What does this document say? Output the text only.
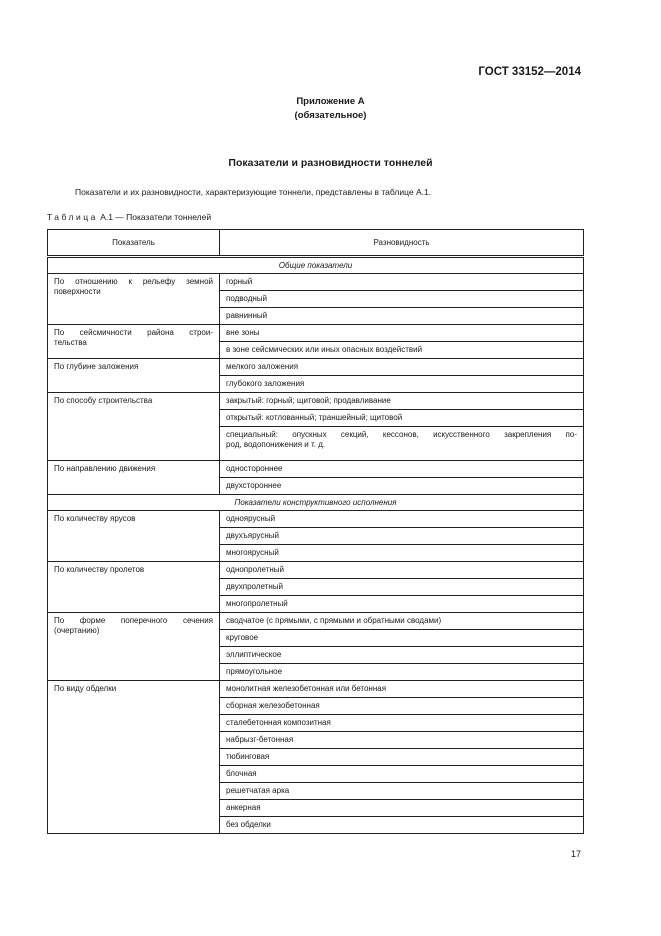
ГОСТ 33152—2014
Приложение А
(обязательное)
Показатели и разновидности тоннелей
Показатели и их разновидности, характеризующие тоннели, представлены в таблице А.1.
Таблица А.1 — Показатели тоннелей
Показатель	Разновидность
Общие показатели	
По отношению к рельефу земной
поверхности	горный
	подводный
	равнинный
По сейсмичности района строи-
тельства	вне зоны
	в зоне сейсмических или иных опасных воздействий
По глубине заложения	мелкого заложения
	глубокого заложения
По способу строительства	закрытый: горный; щитовой; продавливание
	открытый: котлованный; траншейный; щитовой
	специальный: опускных секций, кессонов, искусственного закрепления по-
род, водопонижения и т. д.

По направлению движения	одностороннее
	двухстороннее
Показатели конструктивного исполнения	
По количеству ярусов	одноярусный
	двухъярусный
	многоярусный
По количеству пролетов	однопролетный
	двухпролетный
	многопролетный
По форме поперечного сечения
(очертанию)	сводчатое (с прямыми, с прямыми и обратными сводами)
	круговое
	эллиптическое
	прямоугольное
По виду обделки	монолитная железобетонная или бетонная
	сборная железобетонная
	сталебетонная композитная
	набрызг-бетонная
	тюбинговая
	блочная
	решетчатая арка
	анкерная
	без обделки
17
